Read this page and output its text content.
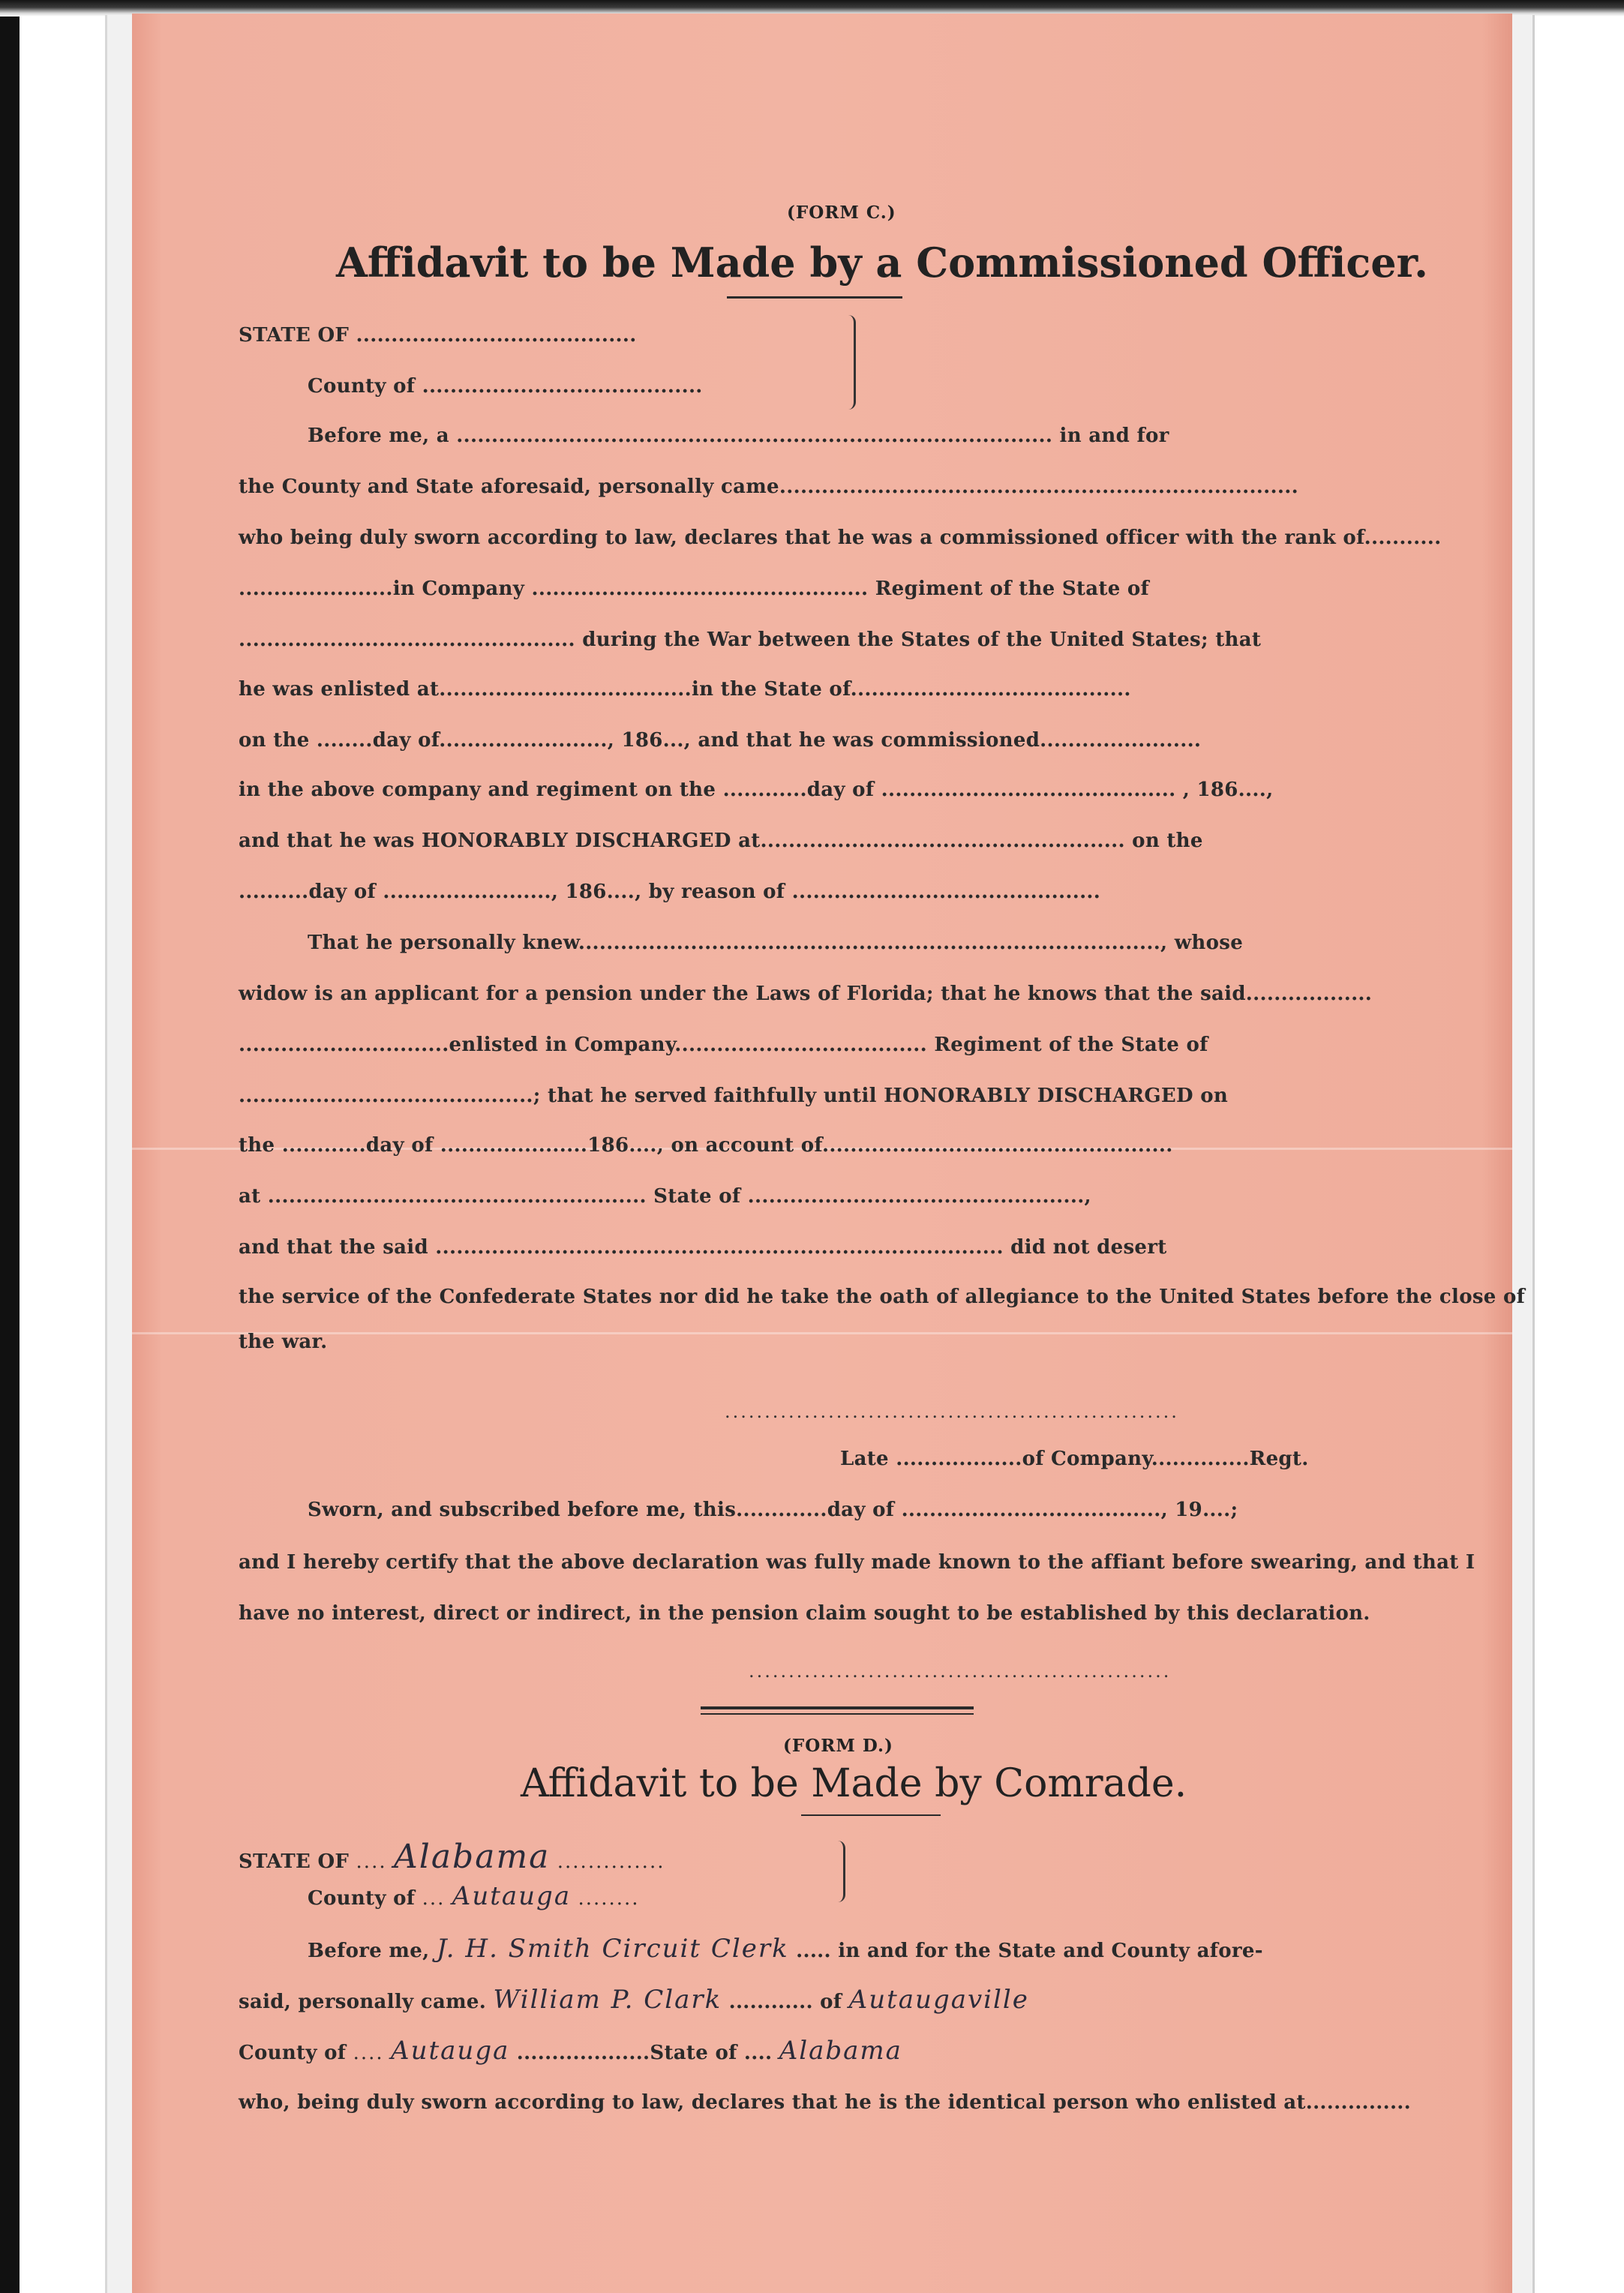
(FORM C.)
Affidavit to be Made by a Commissioned Officer.
STATE OF ........................................
County of ........................................
Before me, a ..................................................................................... in and for
the County and State aforesaid, personally came..........................................................................
who being duly sworn according to law, declares that he was a commissioned officer with the rank of...........
......................in Company ................................................ Regiment of the State of
................................................ during the War between the States of the United States; that
he was enlisted at....................................in the State of........................................
on the ........day of........................, 186..., and that he was commissioned.......................
in the above company and regiment on the ............day of .......................................... , 186....,
and that he was HONORABLY DISCHARGED at.................................................... on the
..........day of ........................, 186...., by reason of ............................................
That he personally knew..................................................................................., whose
widow is an applicant for a pension under the Laws of Florida; that he knows that the said..................
..............................enlisted in Company.................................... Regiment of the State of
..........................................; that he served faithfully until HONORABLY DISCHARGED on
the ............day of .....................186...., on account of..................................................
at ...................................................... State of ................................................,
and that the said ................................................................................. did not desert
the service of the Confederate States nor did he take the oath of allegiance to the United States before the close of
the war.
.........................................................
Late ..................of Company..............Regt.
Sworn, and subscribed before me, this.............day of ....................................., 19....;
and I hereby certify that the above declaration was fully made known to the affiant before swearing, and that I
have no interest, direct or indirect, in the pension claim sought to be established by this declaration.
.....................................................
(FORM D.)
Affidavit to be Made by Comrade.
STATE OF .... Alabama ..............
County of ... Autauga ........
Before me, J. H. Smith Circuit Clerk ..... in and for the State and County afore-
said, personally came. William P. Clark ............ of Autaugaville
County of .... Autauga ...................State of .... Alabama
who, being duly sworn according to law, declares that he is the identical person who enlisted at...............
